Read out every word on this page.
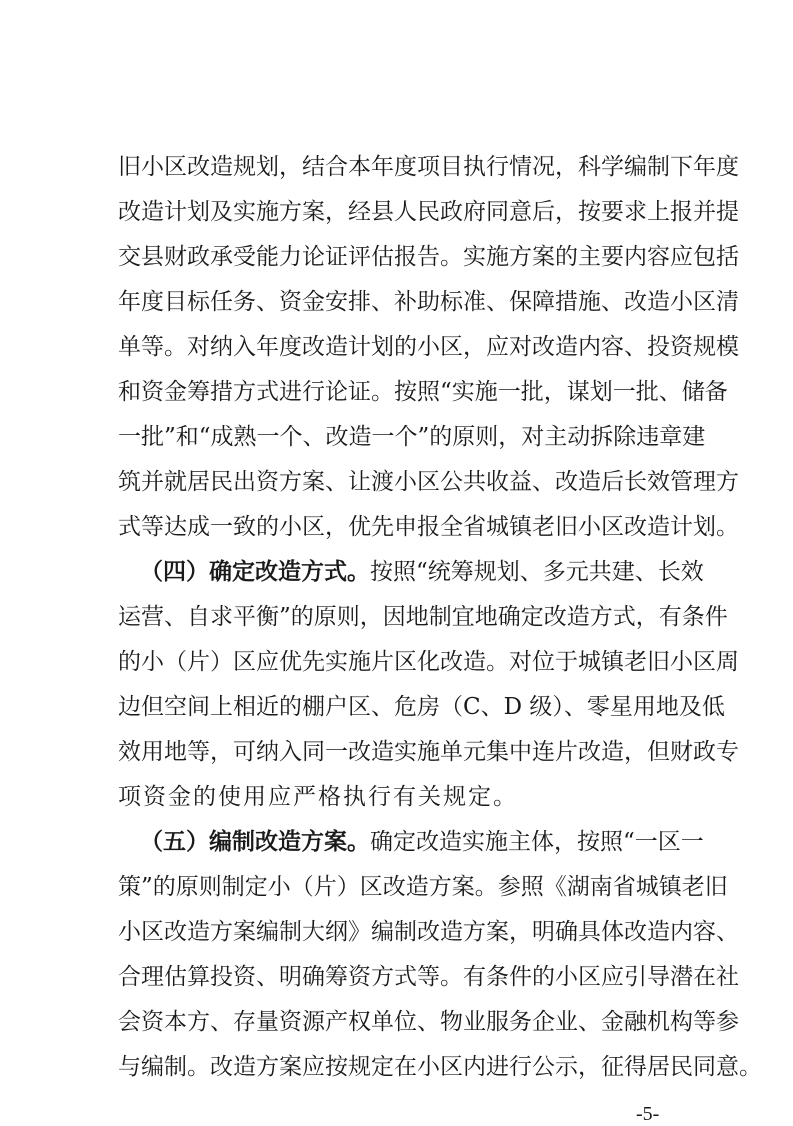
旧小区改造规划，结合本年度项目执行情况，科学编制下年度
改造计划及实施方案，经县人民政府同意后，按要求上报并提
交县财政承受能力论证评估报告。实施方案的主要内容应包括
年度目标任务、资金安排、补助标准、保障措施、改造小区清
单等。对纳入年度改造计划的小区，应对改造内容、投资规模
和资金筹措方式进行论证。按照“实施一批，谋划一批、储备
一批”和“成熟一个、改造一个”的原则，对主动拆除违章建
筑并就居民出资方案、让渡小区公共收益、改造后长效管理方
式等达成一致的小区，优先申报全省城镇老旧小区改造计划。
（四）确定改造方式。按照“统筹规划、多元共建、长效
运营、自求平衡”的原则，因地制宜地确定改造方式，有条件
的小（片）区应优先实施片区化改造。对位于城镇老旧小区周
边但空间上相近的棚户区、危房（C、D 级）、零星用地及低
效用地等，可纳入同一改造实施单元集中连片改造，但财政专
项资金的使用应严格执行有关规定。
（五）编制改造方案。确定改造实施主体，按照“一区一
策”的原则制定小（片）区改造方案。参照《湖南省城镇老旧
小区改造方案编制大纲》编制改造方案，明确具体改造内容、
合理估算投资、明确筹资方式等。有条件的小区应引导潜在社
会资本方、存量资源产权单位、物业服务企业、金融机构等参
与编制。改造方案应按规定在小区内进行公示，征得居民同意。
-5-
